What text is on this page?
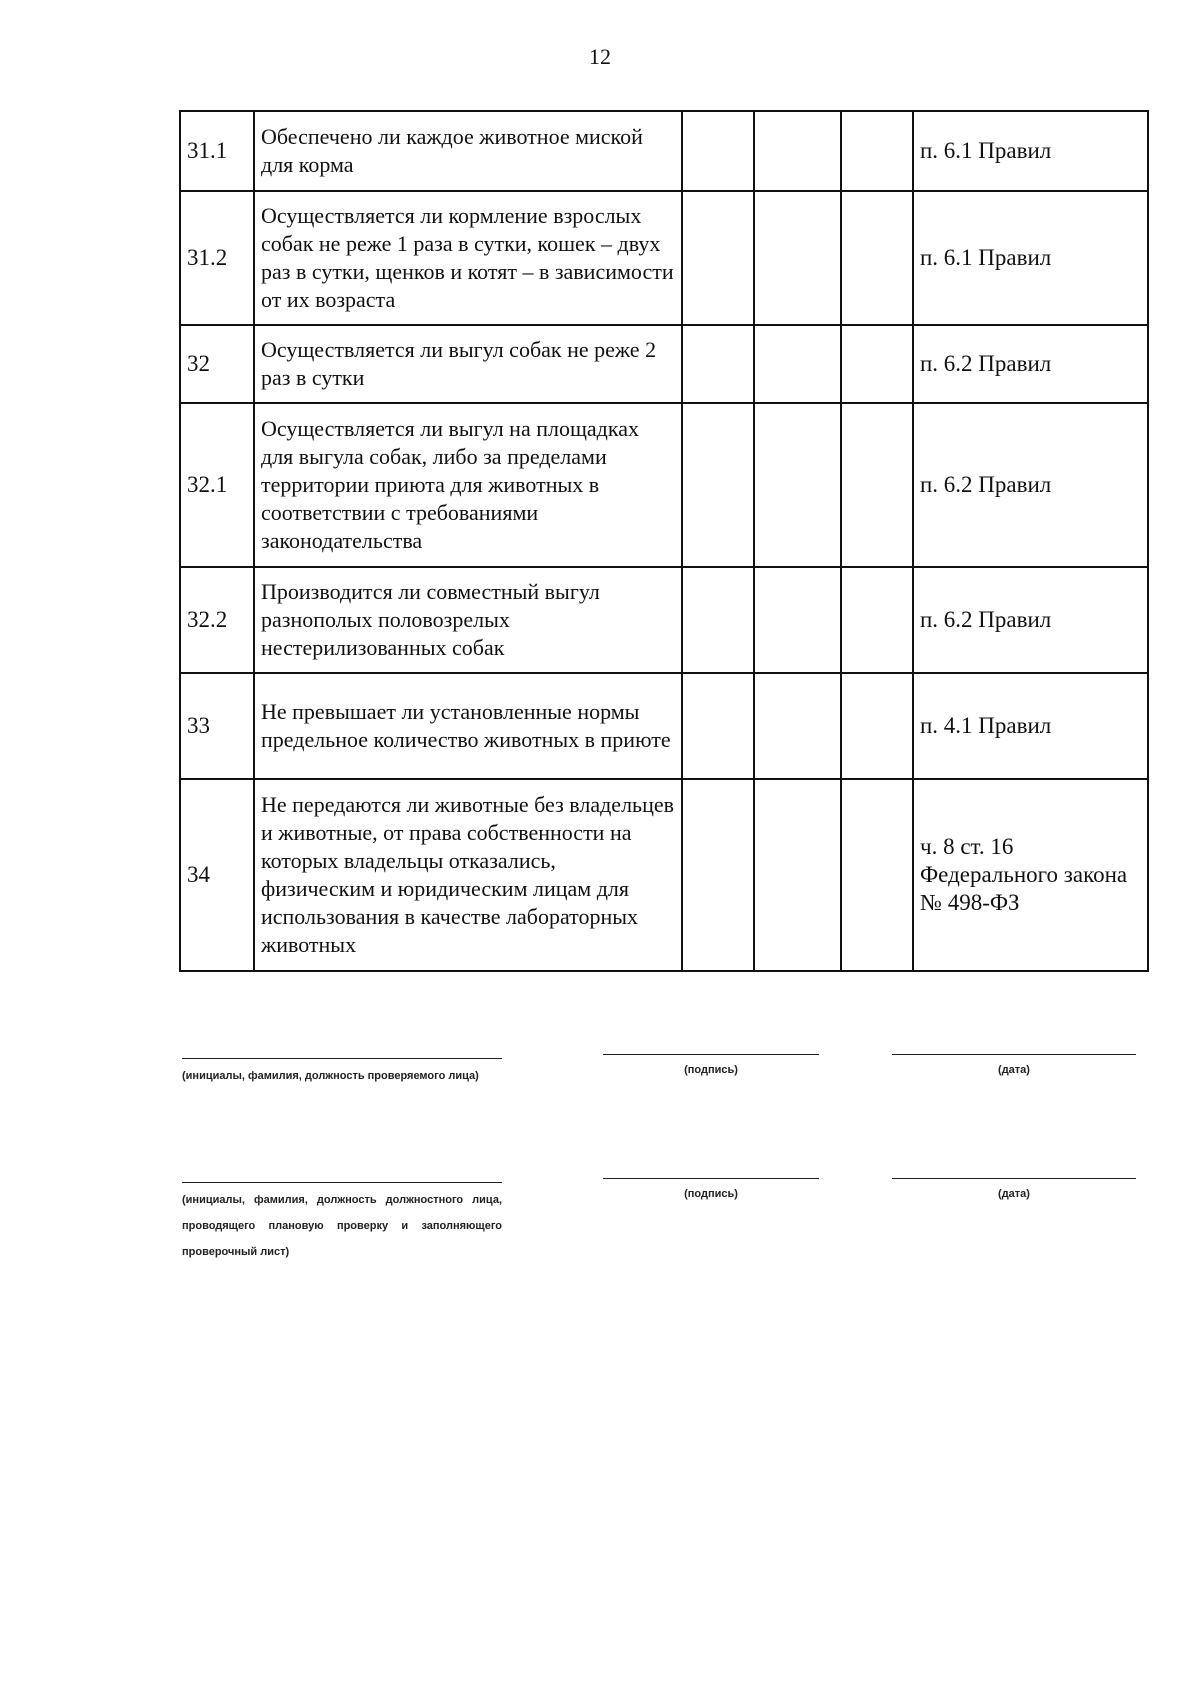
12
31.1	Обеспечено ли каждое животное миской для корма				п. 6.1 Правил
31.2	Осуществляется ли кормление взрослых собак не реже 1 раза в сутки, кошек – двух раз в сутки, щенков и котят – в зависимости от их возраста				п. 6.1 Правил
32	Осуществляется ли выгул собак не реже 2 раз в сутки				п. 6.2 Правил
32.1	Осуществляется ли выгул на площадках для выгула собак, либо за пределами территории приюта для животных в соответствии с требованиями законодательства				п. 6.2 Правил
32.2	Производится ли совместный выгул разнополых половозрелых нестерилизованных собак				п. 6.2 Правил
33	Не превышает ли установленные нормы предельное количество животных в приюте				п. 4.1 Правил
34	Не передаются ли животные без владельцев и животные, от права собственности на которых владельцы отказались, физическим и юридическим лицам для использования в качестве лабораторных животных				ч. 8 ст. 16 Федерального закона № 498-ФЗ
(инициалы, фамилия, должность проверяемого лица)	(подпись)	(дата)
(инициалы, фамилия, должность должностного лица, проводящего плановую проверку и заполняющего проверочный лист)
(подпись)	(дата)
